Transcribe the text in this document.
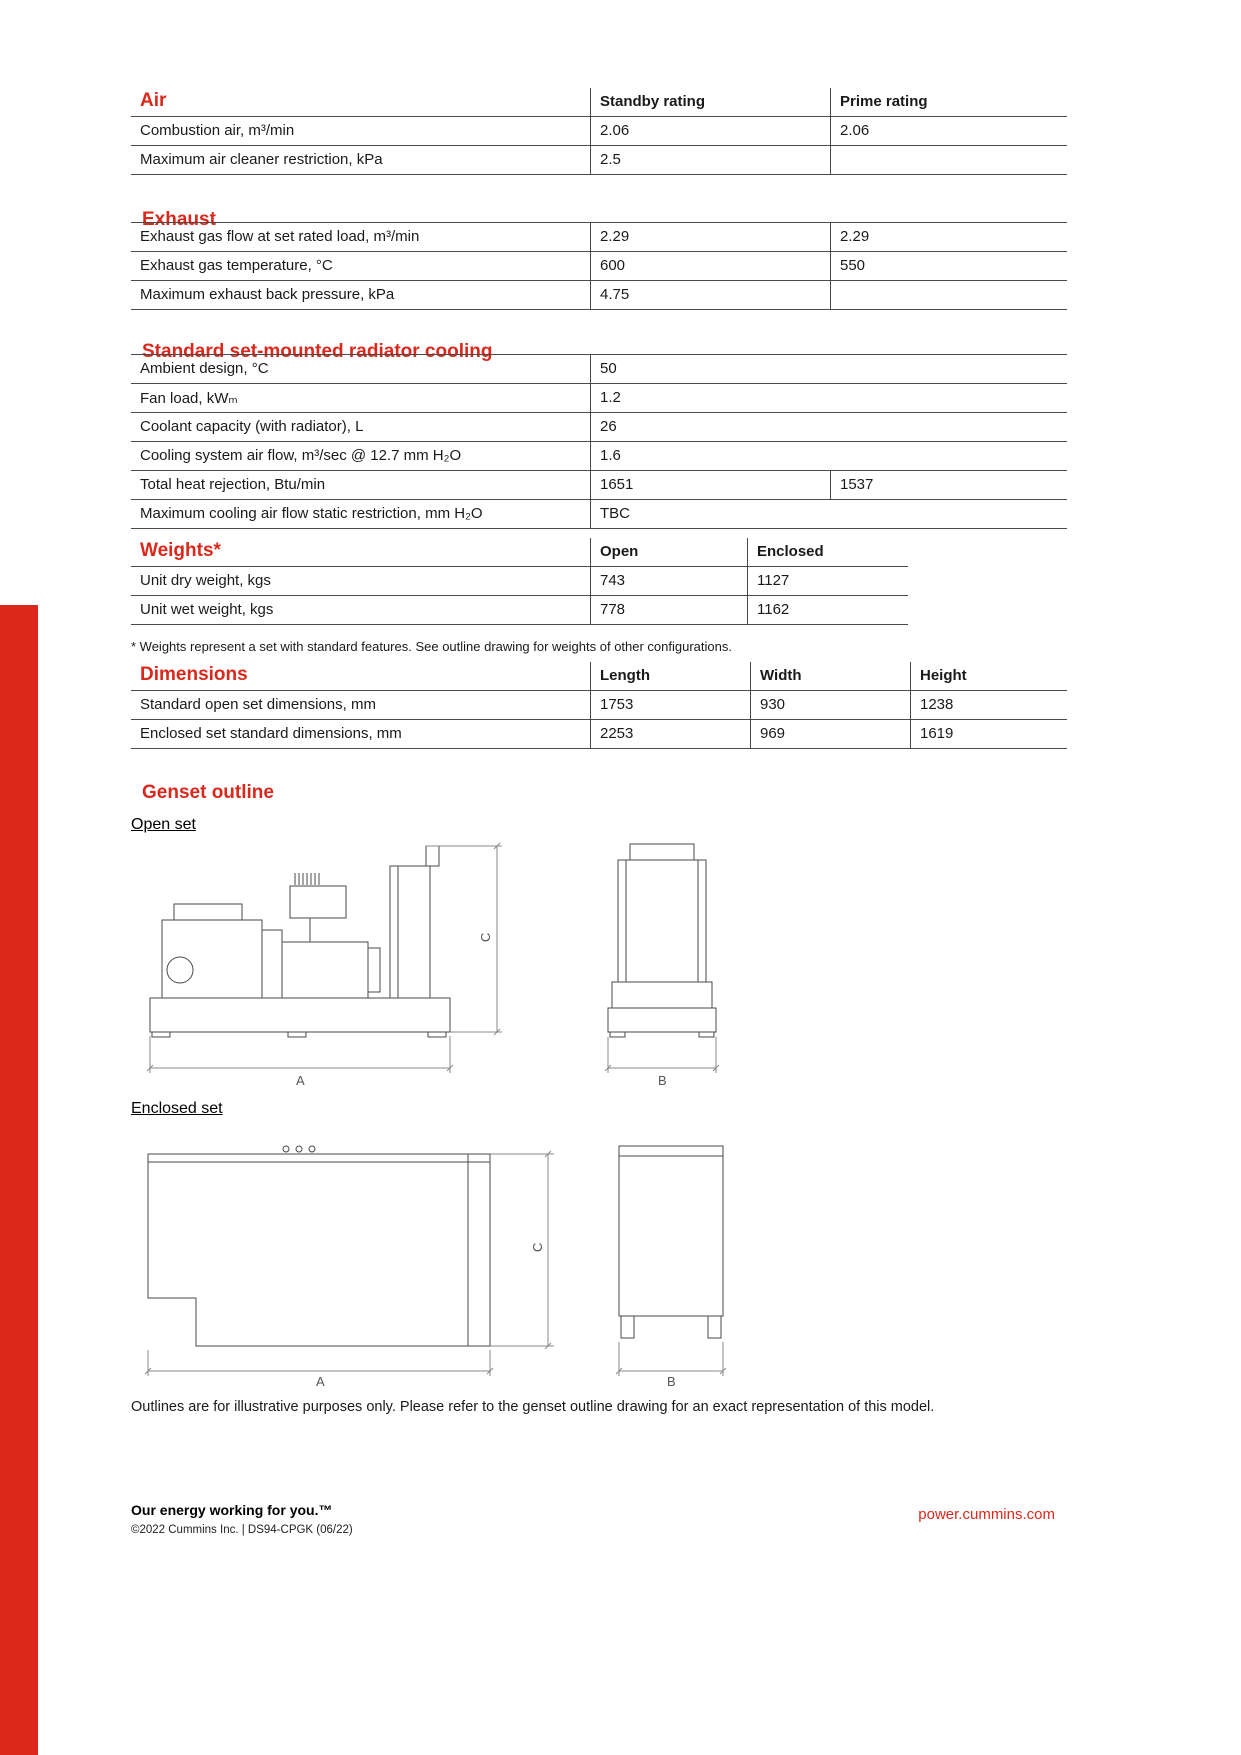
Air	Standby rating	Prime rating
Combustion air, m³/min	2.06	2.06
Maximum air cleaner restriction, kPa	2.5
Exhaust
Exhaust gas flow at set rated load, m³/min	2.29	2.29
Exhaust gas temperature, °C	600	550
Maximum exhaust back pressure, kPa	4.75
Standard set-mounted radiator cooling
Ambient design, °C	50
Fan load, kWₘ	1.2
Coolant capacity (with radiator), L	26
Cooling system air flow, m³/sec @ 12.7 mm H₂O	1.6
Total heat rejection, Btu/min	1651	1537
Maximum cooling air flow static restriction, mm H₂O	TBC
Weights*	Open	Enclosed
Unit dry weight, kgs	743	1127
Unit wet weight, kgs	778	1162

* Weights represent a set with standard features. See outline drawing for weights of other configurations.

Dimensions	Length	Width	Height
Standard open set dimensions, mm	1753	930	1238
Enclosed set standard dimensions, mm	2253	969	1619
Genset outline
Open set
A
C
B
Enclosed set
A
C
B

Outlines are for illustrative purposes only. Please refer to the genset outline drawing for an exact representation of this model.

Our energy working for you.™
©2022 Cummins Inc. | DS94-CPGK (06/22)
power.cummins.com
